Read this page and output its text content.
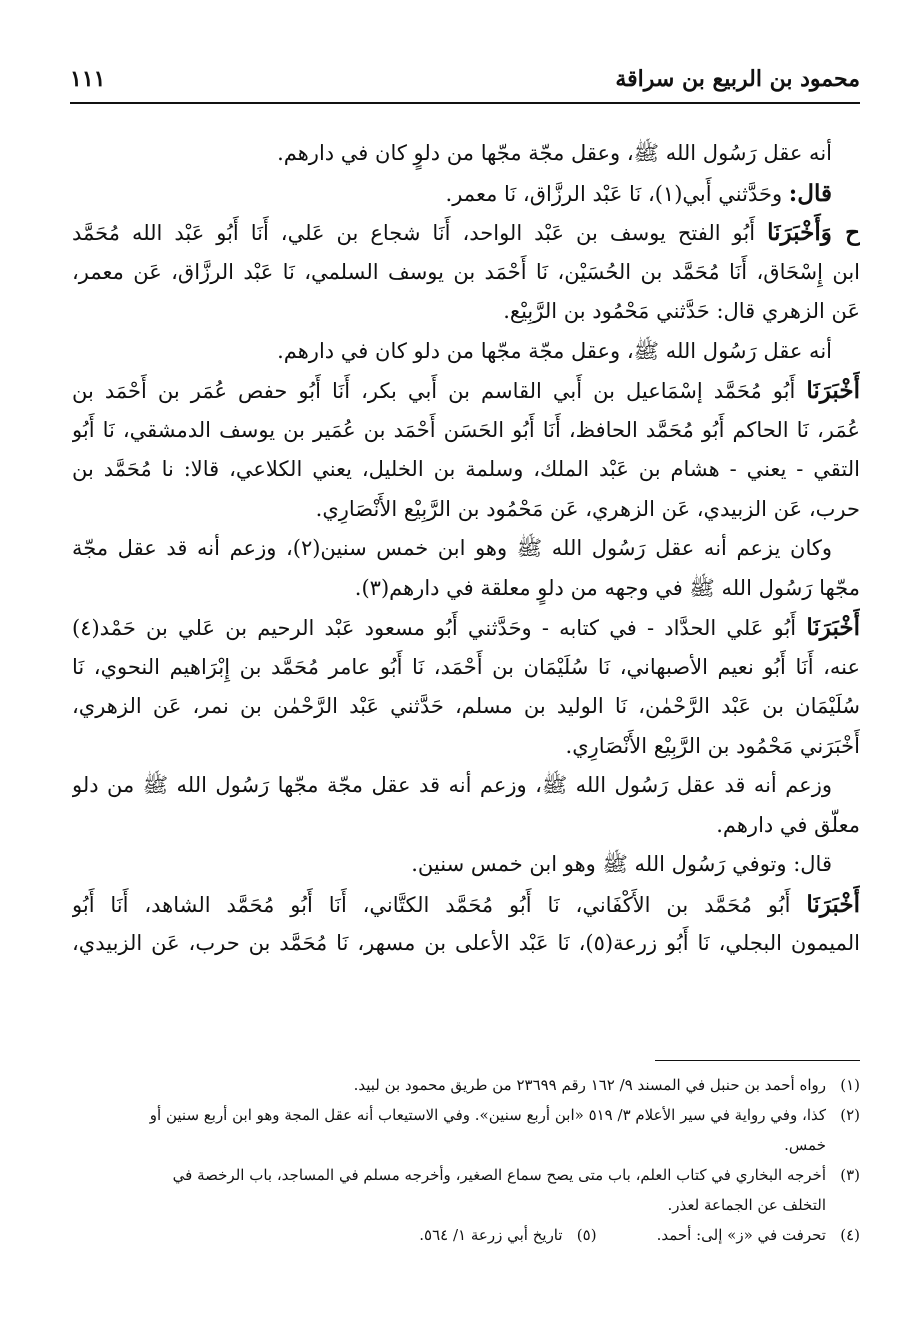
محمود بن الربيع بن سراقة
١١١
أنه عقل رَسُول الله ﷺ، وعقل مجّة مجّها من دلوٍ كان في دارهم.
قال: وحَدَّثني أَبي(١)، نَا عَبْد الرزَّاق، نَا معمر.
ح وَأَخْبَرَنَا أَبُو الفتح يوسف بن عَبْد الواحد، أَنَا شجاع بن عَلي، أَنَا أَبُو عَبْد الله مُحَمَّد
ابن إِسْحَاق، أَنَا مُحَمَّد بن الحُسَيْن، نَا أَحْمَد بن يوسف السلمي، نَا عَبْد الرزَّاق، عَن معمر،
عَن الزهري قال: حَدَّثني مَحْمُود بن الرَّبِيْع.
أنه عقل رَسُول الله ﷺ، وعقل مجّة مجّها من دلو كان في دارهم.
أَخْبَرَنَا أَبُو مُحَمَّد إسْمَاعيل بن أَبي القاسم بن أَبي بكر، أَنَا أَبُو حفص عُمَر بن أَحْمَد بن
عُمَر، نَا الحاكم أَبُو مُحَمَّد الحافظ، أَنَا أَبُو الحَسَن أَحْمَد بن عُمَير بن يوسف الدمشقي، نَا أَبُو
التقي - يعني - هشام بن عَبْد الملك، وسلمة بن الخليل، يعني الكلاعي، قالا: نا مُحَمَّد بن
حرب، عَن الزبيدي، عَن الزهري، عَن مَحْمُود بن الرَّبِيْع الأَنْصَارِي.
وكان يزعم أنه عقل رَسُول الله ﷺ وهو ابن خمس سنين(٢)، وزعم أنه قد عقل مجّة
مجّها رَسُول الله ﷺ في وجهه من دلوٍ معلقة في دارهم(٣).
أَخْبَرَنَا أَبُو عَلي الحدَّاد - في كتابه - وحَدَّثني أَبُو مسعود عَبْد الرحيم بن عَلي بن حَمْد(٤)
عنه، أَنَا أَبُو نعيم الأصبهاني، نَا سُلَيْمَان بن أَحْمَد، نَا أَبُو عامر مُحَمَّد بن إِبْرَاهيم النحوي، نَا
سُلَيْمَان بن عَبْد الرَّحْمٰن، نَا الوليد بن مسلم، حَدَّثني عَبْد الرَّحْمٰن بن نمر، عَن الزهري،
أَخْبَرَني مَحْمُود بن الرَّبِيْع الأَنْصَارِي.
وزعم أنه قد عقل رَسُول الله ﷺ، وزعم أنه قد عقل مجّة مجّها رَسُول الله ﷺ من دلو
معلّق في دارهم.
قال: وتوفي رَسُول الله ﷺ وهو ابن خمس سنين.
أَخْبَرَنَا أَبُو مُحَمَّد بن الأَكْفَاني، نَا أَبُو مُحَمَّد الكتَّاني، أَنَا أَبُو مُحَمَّد الشاهد، أَنَا أَبُو
الميمون البجلي، نَا أَبُو زرعة(٥)، نَا عَبْد الأعلى بن مسهر، نَا مُحَمَّد بن حرب، عَن الزبيدي،
(١)رواه أحمد بن حنبل في المسند ٩/ ١٦٢ رقم ٢٣٦٩٩ من طريق محمود بن لبيد.
(٢)كذا، وفي رواية في سير الأعلام ٣/ ٥١٩ «ابن أربع سنين». وفي الاستيعاب أنه عقل المجة وهو ابن أربع سنين أو
خمس.
(٣)أخرجه البخاري في كتاب العلم، باب متى يصح سماع الصغير، وأخرجه مسلم في المساجد، باب الرخصة في
التخلف عن الجماعة لعذر.
(٤)تحرفت في «ز» إلى: أحمد.
(٥)تاريخ أبي زرعة ١/ ٥٦٤.
